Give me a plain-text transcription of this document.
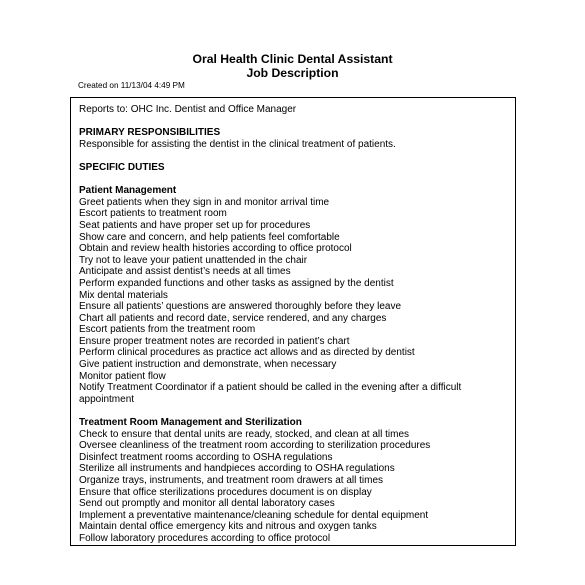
Oral Health Clinic Dental Assistant
Job Description
Created on 11/13/04 4:49 PM
Reports to: OHC Inc. Dentist and Office Manager
PRIMARY RESPONSIBILITIES
Responsible for assisting the dentist in the clinical treatment of patients.
SPECIFIC DUTIES
Patient Management
Greet patients when they sign in and monitor arrival time
Escort patients to treatment room
Seat patients and have proper set up for procedures
Show care and concern, and help patients feel comfortable
Obtain and review health histories according to office protocol
Try not to leave your patient unattended in the chair
Anticipate and assist dentist’s needs at all times
Perform expanded functions and other tasks as assigned by the dentist
Mix dental materials
Ensure all patients’ questions are answered thoroughly before they leave
Chart all patients and record date, service rendered, and any charges
Escort patients from the treatment room
Ensure proper treatment notes are recorded in patient’s chart
Perform clinical procedures as practice act allows and as directed by dentist
Give patient instruction and demonstrate, when necessary
Monitor patient flow
Notify Treatment Coordinator if a patient should be called in the evening after a difficult appointment
Treatment Room Management and Sterilization
Check to ensure that dental units are ready, stocked, and clean at all times
Oversee cleanliness of the treatment room according to sterilization procedures
Disinfect treatment rooms according to OSHA regulations
Sterilize all instruments and handpieces according to OSHA regulations
Organize trays, instruments, and treatment room drawers at all times
Ensure that office sterilizations procedures document is on display
Send out promptly and monitor all dental laboratory cases
Implement a preventative maintenance/cleaning schedule for dental equipment
Maintain dental office emergency kits and nitrous and oxygen tanks
Follow laboratory procedures according to office protocol
